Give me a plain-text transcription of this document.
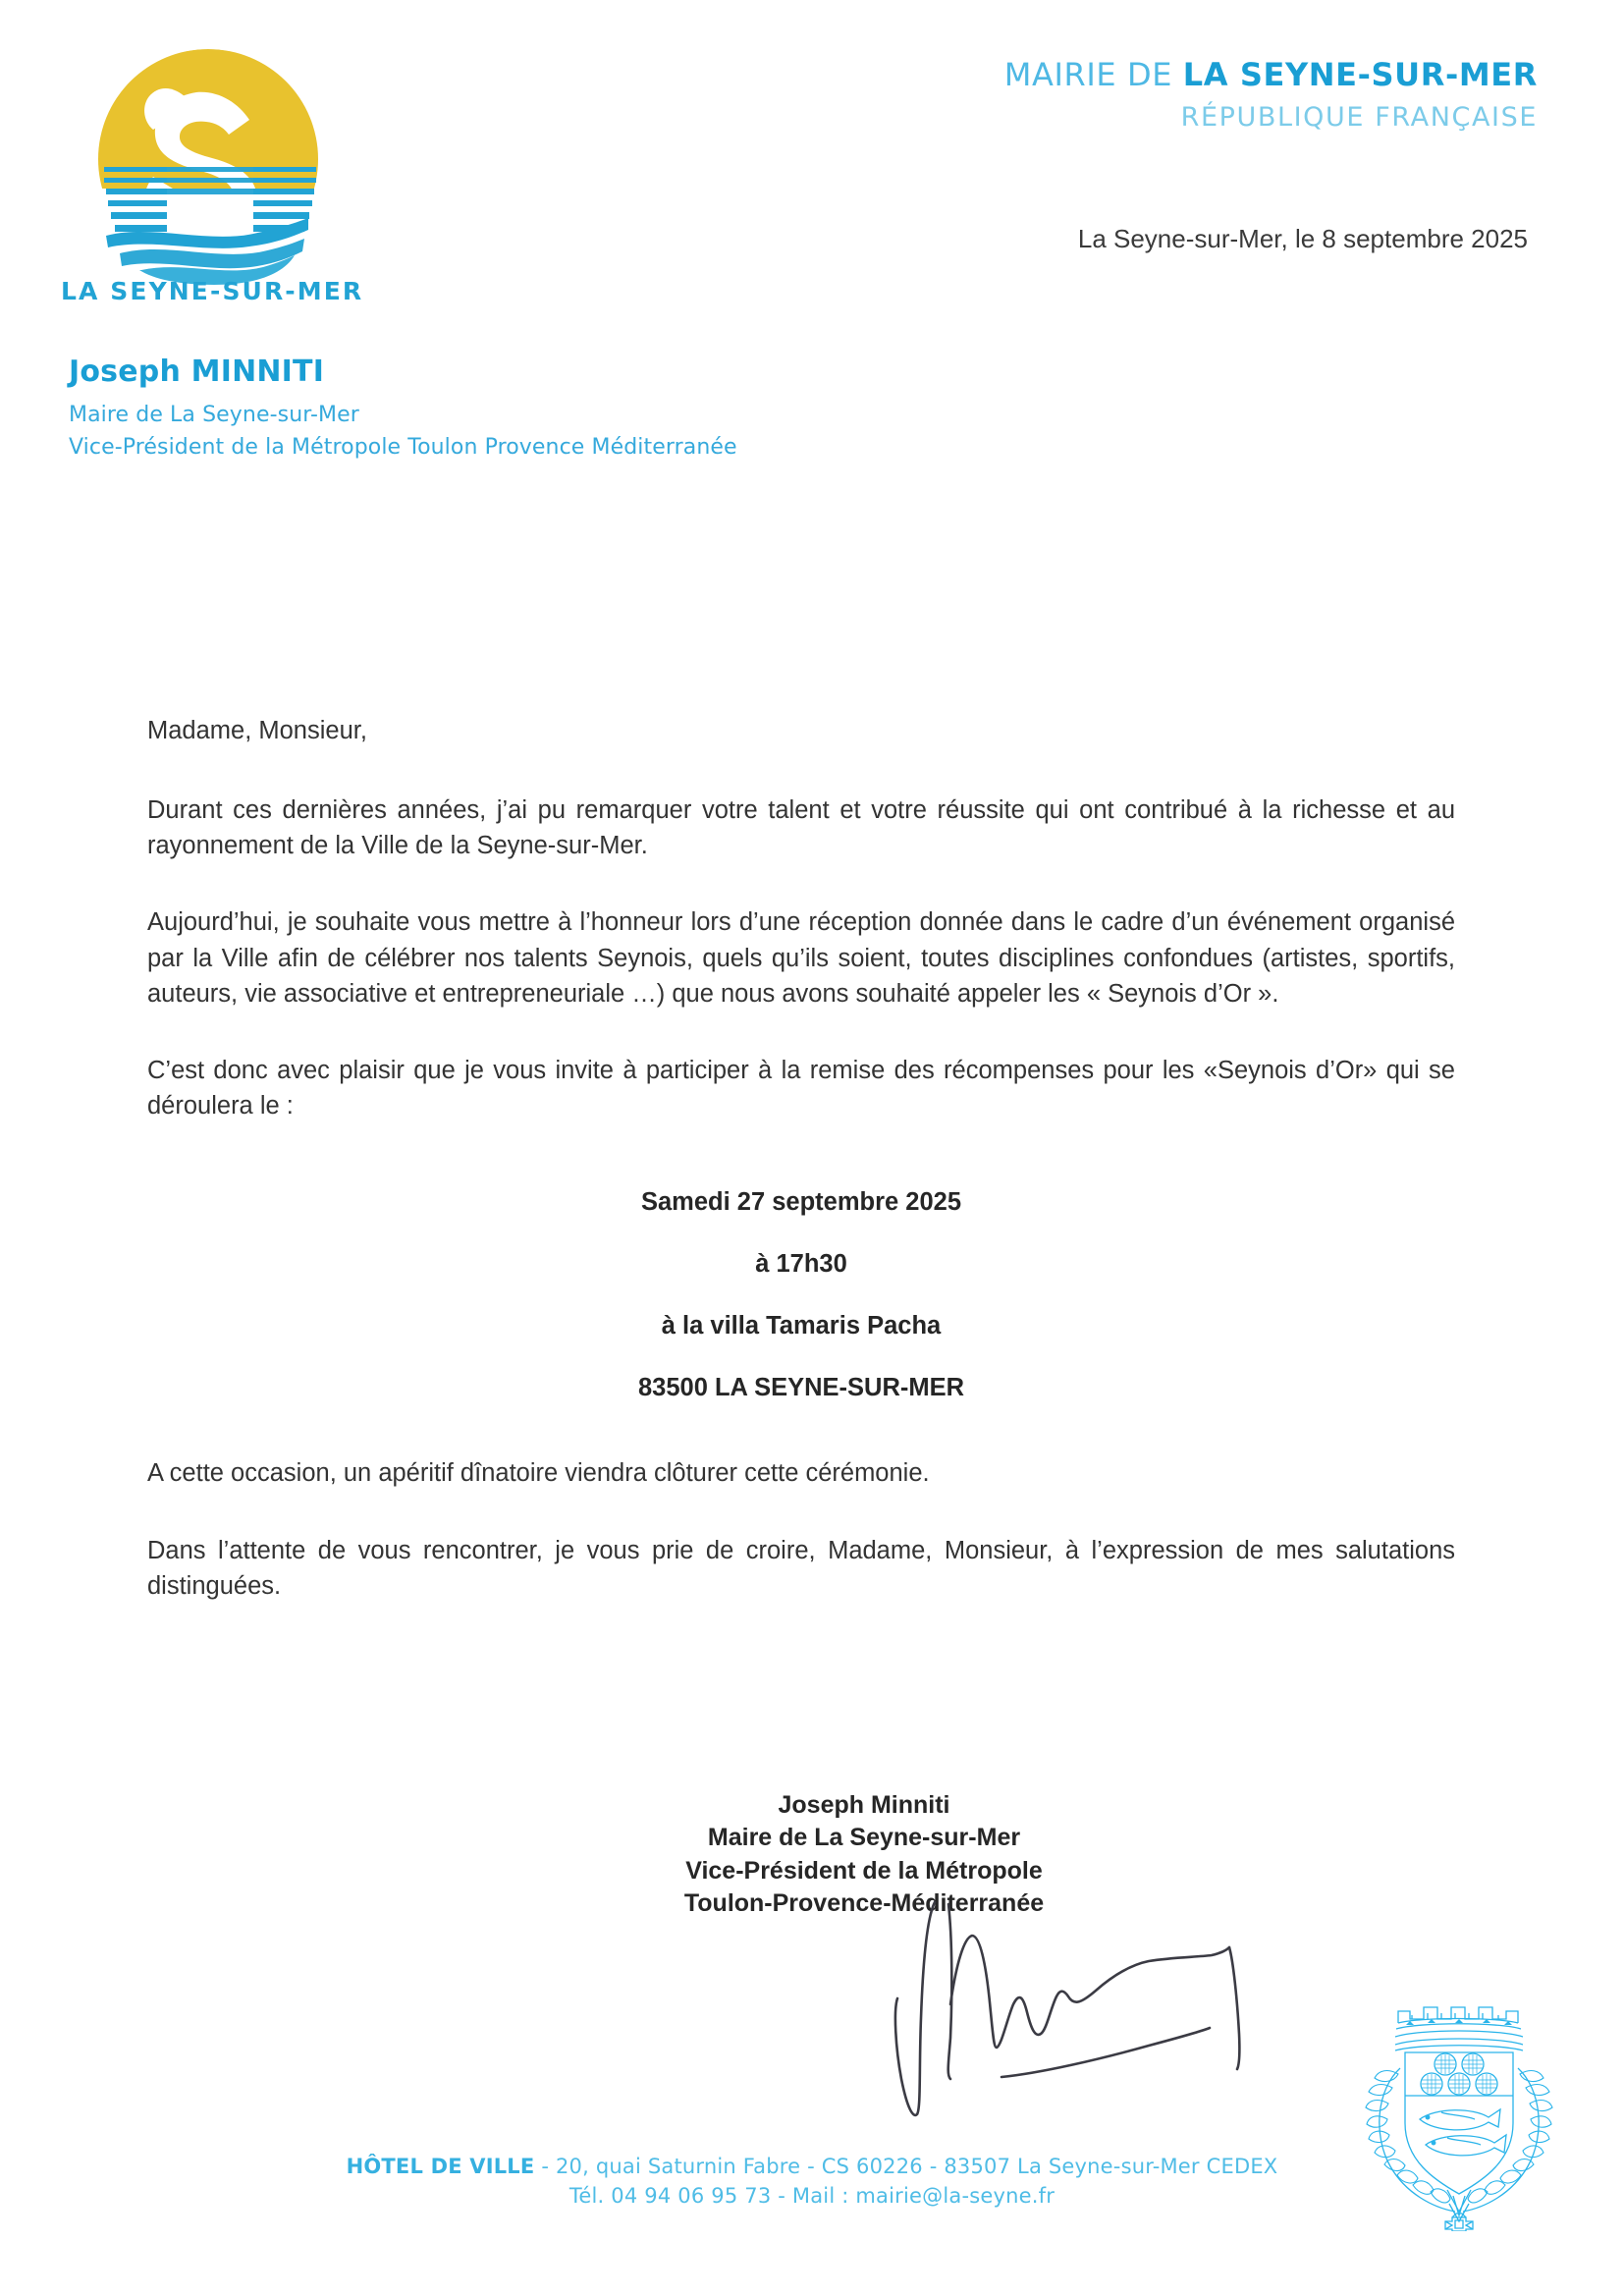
LA SEYNE-SUR-MER
MAIRIE DE LA SEYNE-SUR-MER
RÉPUBLIQUE FRANÇAISE
La Seyne-sur-Mer, le 8 septembre 2025
Joseph MINNITI
Maire de La Seyne-sur-Mer
Vice-Président de la Métropole Toulon Provence Méditerranée
Madame, Monsieur,

Durant ces dernières années, j’ai pu remarquer votre talent et votre réussite qui ont contribué à la richesse et au rayonnement de la Ville de la Seyne-sur-Mer.

Aujourd’hui, je souhaite vous mettre à l’honneur lors d’une réception donnée dans le cadre d’un événement organisé par la Ville afin de célébrer nos talents Seynois, quels qu’ils soient, toutes disciplines confondues (artistes, sportifs, auteurs, vie associative et entrepreneuriale …) que nous avons souhaité appeler les « Seynois d’Or ».

C’est donc avec plaisir que je vous invite à participer à la remise des récompenses pour les «Seynois d’Or» qui se déroulera le :

Samedi 27 septembre 2025
à 17h30
à la villa Tamaris Pacha
83500 LA SEYNE-SUR-MER

A cette occasion, un apéritif dînatoire viendra clôturer cette cérémonie.

Dans l’attente de vous rencontrer, je vous prie de croire, Madame, Monsieur, à l’expression de mes salutations distinguées.

Joseph Minniti
Maire de La Seyne-sur-Mer
Vice-Président de la Métropole
Toulon-Provence-Méditerranée
HÔTEL DE VILLE - 20, quai Saturnin Fabre - CS 60226 - 83507 La Seyne-sur-Mer CEDEX
Tél. 04 94 06 95 73 - Mail : mairie@la-seyne.fr
